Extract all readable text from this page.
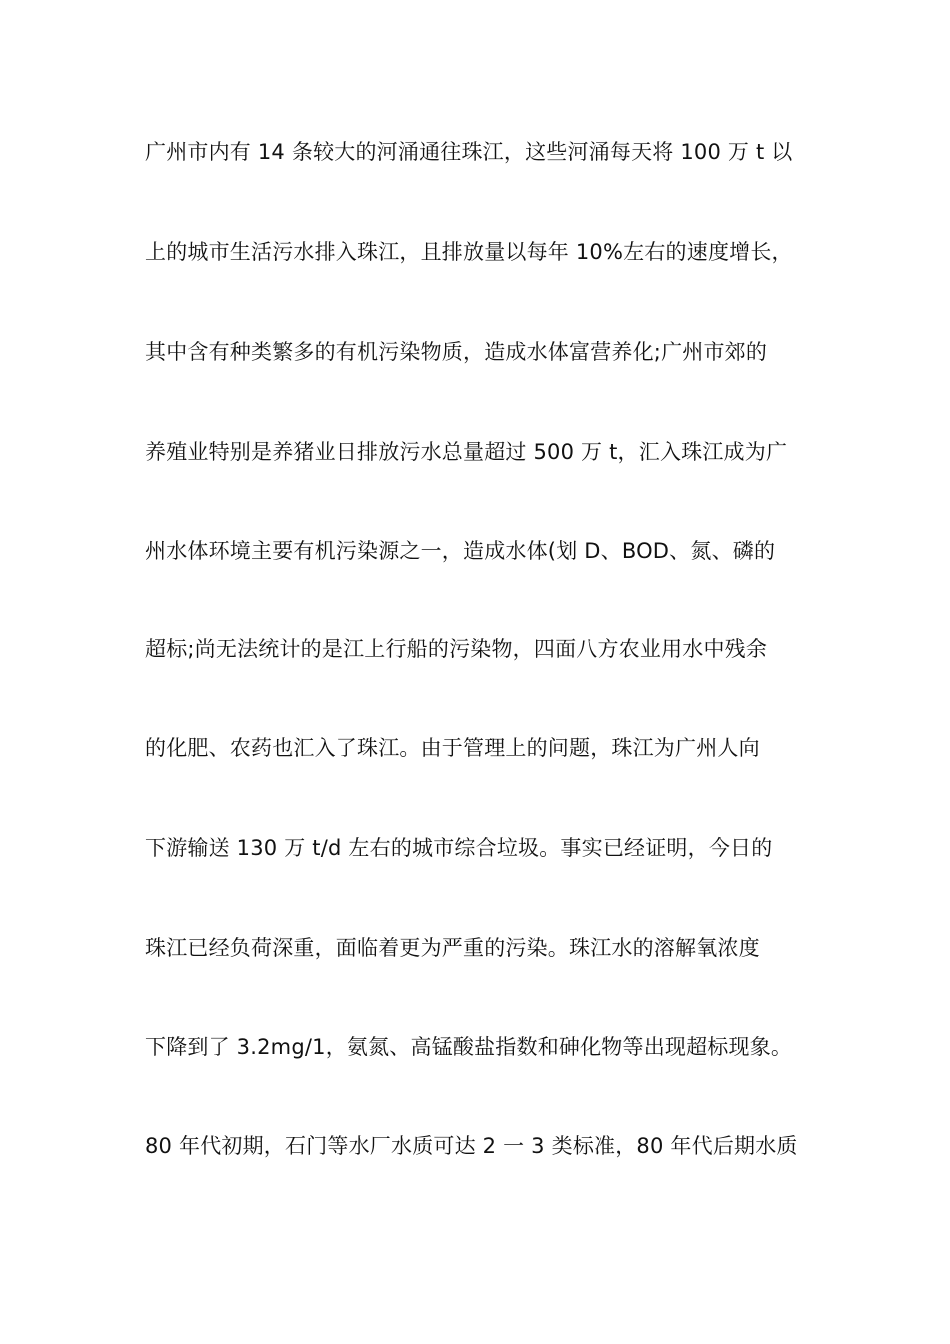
广州市内有 14 条较大的河涌通往珠江，这些河涌每天将 100 万 t 以
上的城市生活污水排入珠江，且排放量以每年 10%左右的速度增长，
其中含有种类繁多的有机污染物质，造成水体富营养化;广州市郊的
养殖业特别是养猪业日排放污水总量超过 500 万 t，汇入珠江成为广
州水体环境主要有机污染源之一，造成水体(划 D、BOD、氮、磷的
超标;尚无法统计的是江上行船的污染物，四面八方农业用水中残余
的化肥、农药也汇入了珠江。由于管理上的问题，珠江为广州人向
下游输送 130 万 t/d 左右的城市综合垃圾。事实已经证明，今日的
珠江已经负荷深重，面临着更为严重的污染。珠江水的溶解氧浓度
下降到了 3.2mg/1，氨氮、高锰酸盐指数和砷化物等出现超标现象。
80 年代初期，石门等水厂水质可达 2 一 3 类标准，80 年代后期水质
